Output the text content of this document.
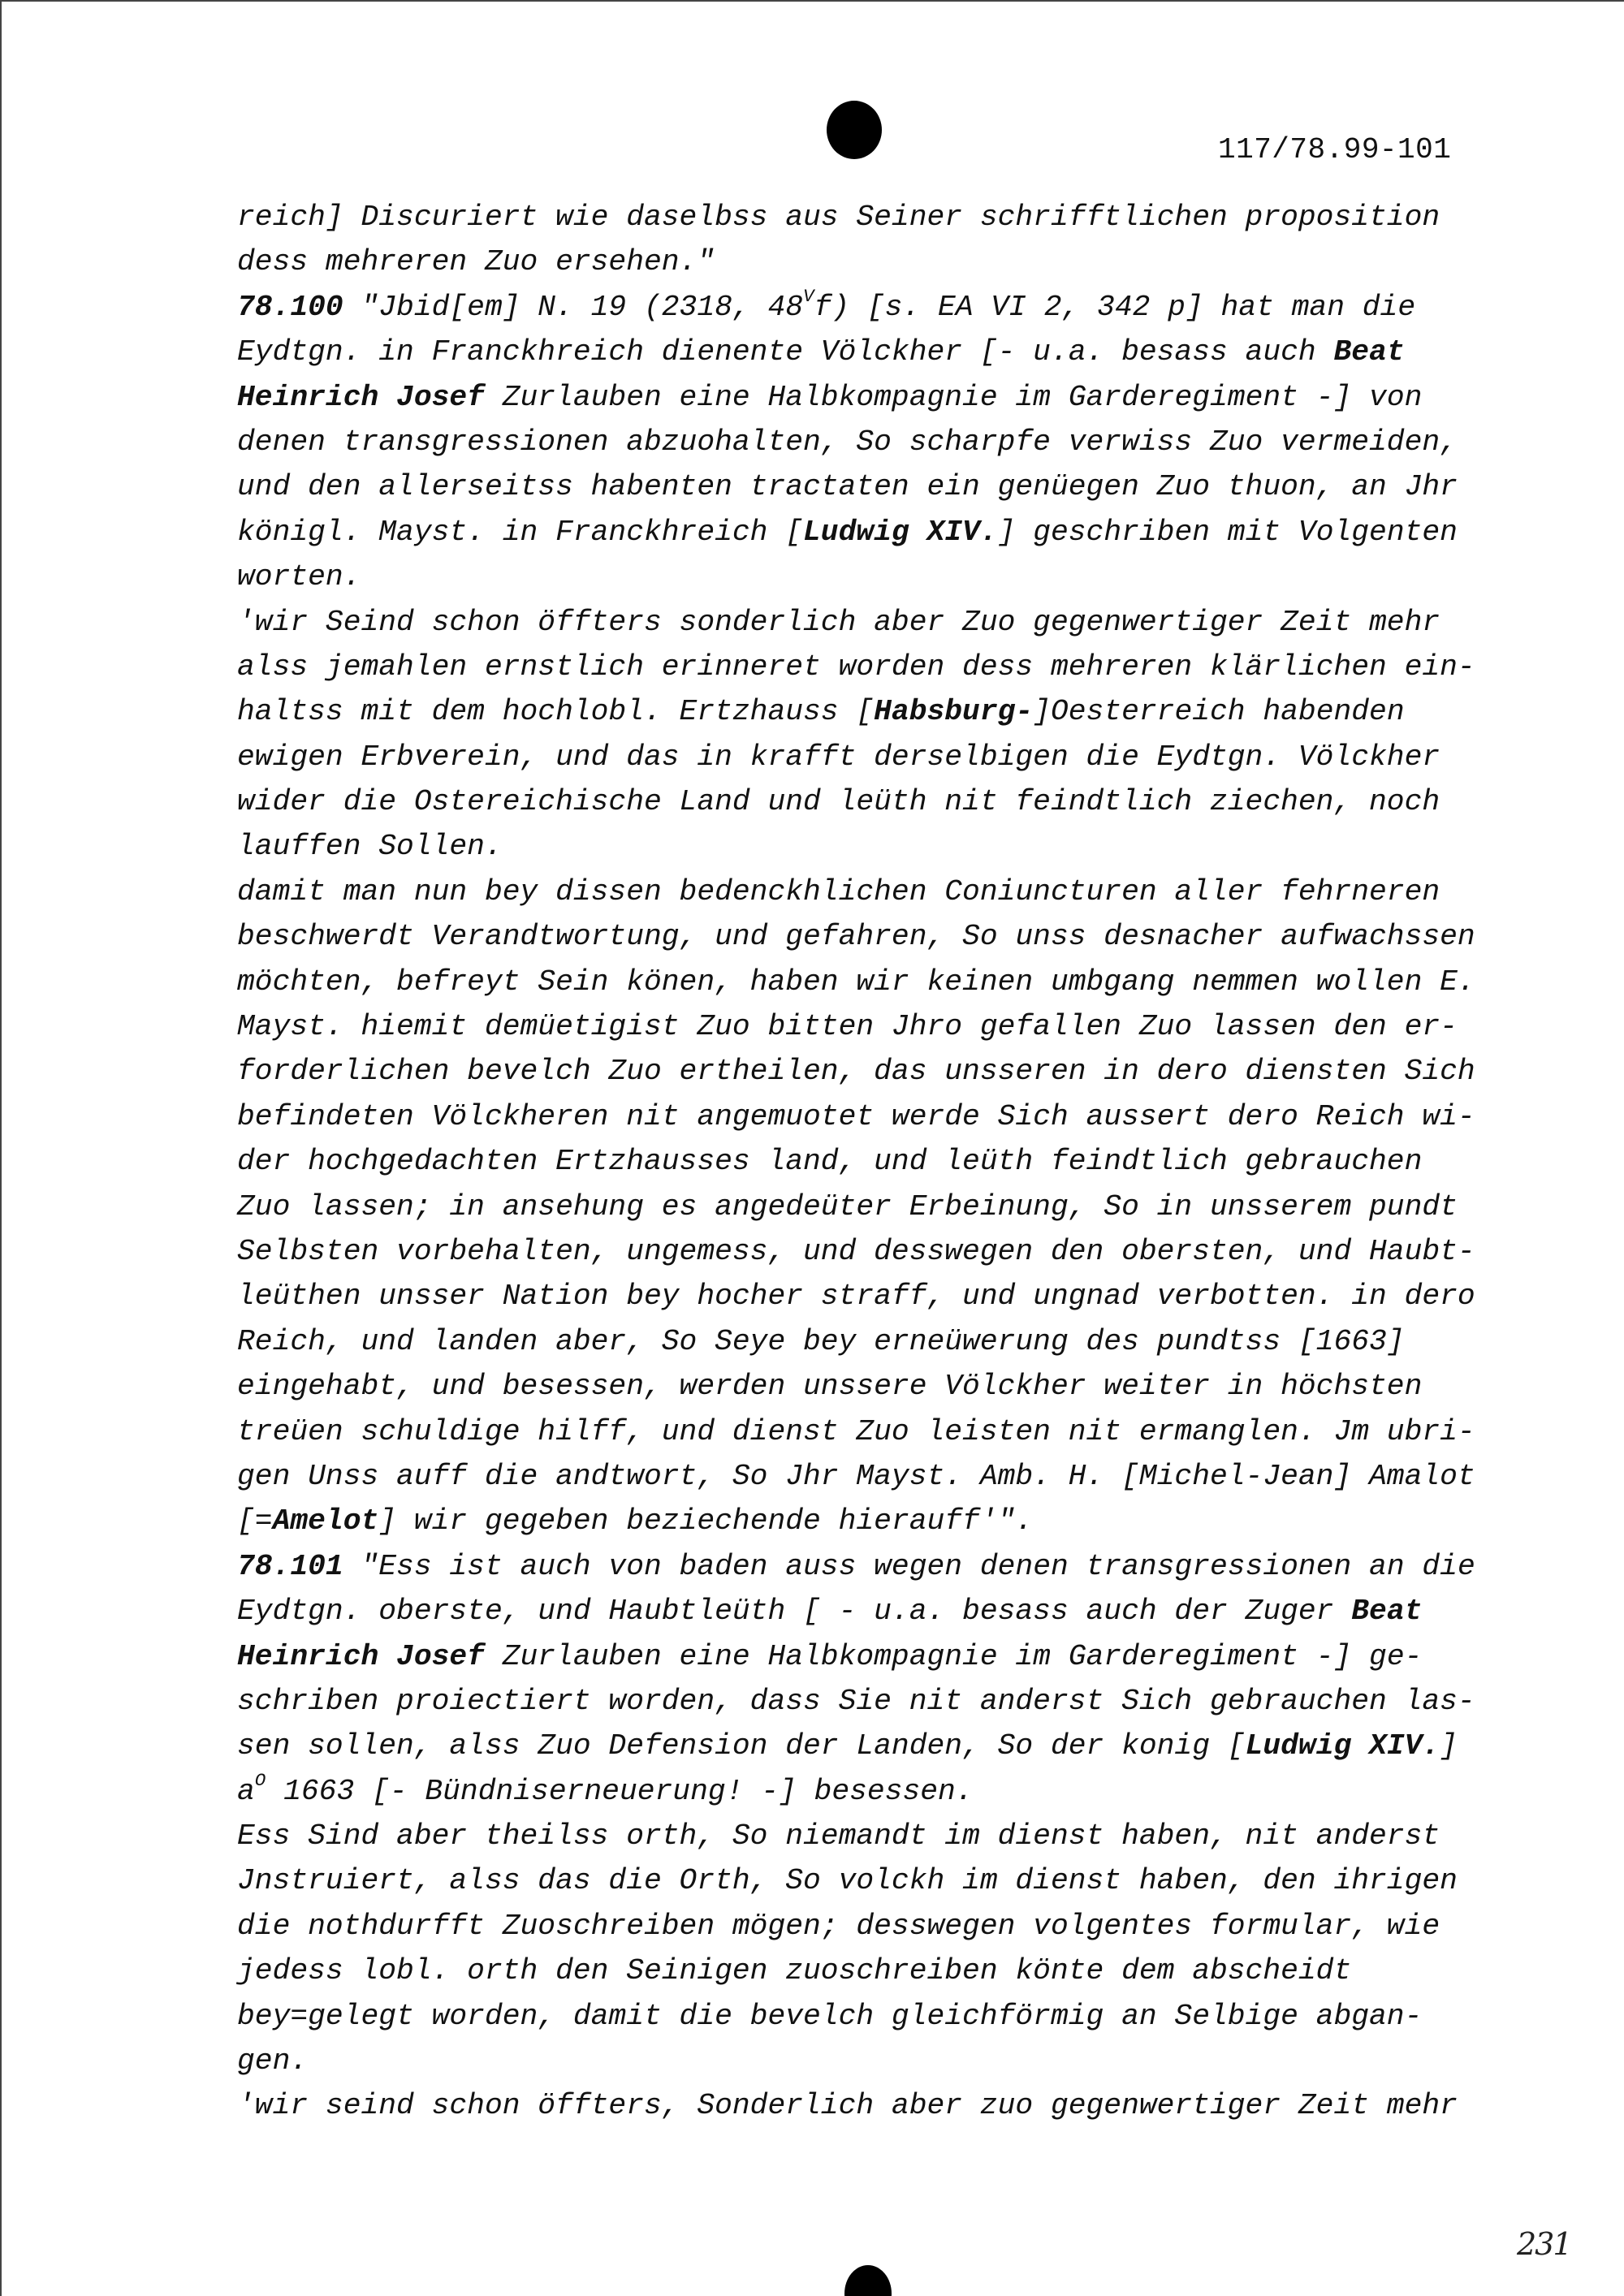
117/78.99-101
reich] Discuriert wie daselbss aus Seiner schrifftlichen proposition
dess mehreren Zuo ersehen."
78.100 "Jbid[em] N. 19 (2318, $48^Vf$) [s. EA VI 2, 342 p] hat man die
Eydtgn. in Franckhreich dienente Völckher [- u.a. besass auch Beat
Heinrich Josef Zurlauben eine Halbkompagnie im Garderegiment -] von
denen transgressionen abzuohalten, So scharpfe verwiss Zuo vermeiden,
und den allerseitss habenten tractaten ein genüegen Zuo thuon, an Jhr
königl. Mayst. in Franckhreich [Ludwig XIV.] geschriben mit Volgenten
worten.
'wir Seind schon öffters sonderlich aber Zuo gegenwertiger Zeit mehr
alss jemahlen ernstlich erinneret worden dess mehreren klärlichen ein-
haltss mit dem hochlobl. Ertzhauss [Habsburg-]Oesterreich habenden
ewigen Erbverein, und das in krafft derselbigen die Eydtgn. Völckher
wider die Ostereichische Land und leüth nit feindtlich ziechen, noch
lauffen Sollen.
damit man nun bey dissen bedenckhlichen Coniuncturen aller fehrneren
beschwerdt Verandtwortung, und gefahren, So unss desnacher aufwachssen
möchten, befreyt Sein könen, haben wir keinen umbgang nemmen wollen E.
Mayst. hiemit demüetigist Zuo bitten Jhro gefallen Zuo lassen den er-
forderlichen bevelch Zuo ertheilen, das unsseren in dero diensten Sich
befindeten Völckheren nit angemuotet werde Sich aussert dero Reich wi-
der hochgedachten Ertzhausses land, und leüth feindtlich gebrauchen
Zuo lassen; in ansehung es angedeüter Erbeinung, So in unsserem pundt
Selbsten vorbehalten, ungemess, und desswegen den obersten, und Haubt-
leüthen unsser Nation bey hocher straff, und ungnad verbotten. in dero
Reich, und landen aber, So Seye bey erneüwerung des pundtss [1663]
eingehabt, und besessen, werden unssere Völckher weiter in höchsten
treüen schuldige hilff, und dienst Zuo leisten nit ermanglen. Jm ubri-
gen Unss auff die andtwort, So Jhr Mayst. Amb. H. [Michel-Jean] Amalot
[=Amelot] wir gegeben beziechende hierauff'".
78.101 "Ess ist auch von baden auss wegen denen transgressionen an die
Eydtgn. oberste, und Haubtleüth [ - u.a. besass auch der Zuger Beat
Heinrich Josef Zurlauben eine Halbkompagnie im Garderegiment -] ge-
schriben proiectiert worden, dass Sie nit anderst Sich gebrauchen las-
sen sollen, alss Zuo Defension der Landen, So der konig [Ludwig XIV.]
$a^O$ 1663 [- Bündniserneuerung! -] besessen.
Ess Sind aber theilss orth, So niemandt im dienst haben, nit anderst
Jnstruiert, alss das die Orth, So volckh im dienst haben, den ihrigen
die nothdurfft Zuoschreiben mögen; desswegen volgentes formular, wie
jedess lobl. orth den Seinigen zuoschreiben könte dem abscheidt
bey=gelegt worden, damit die bevelch gleichförmig an Selbige abgan-
gen.
'wir seind schon öffters, Sonderlich aber zuo gegenwertiger Zeit mehr
231
